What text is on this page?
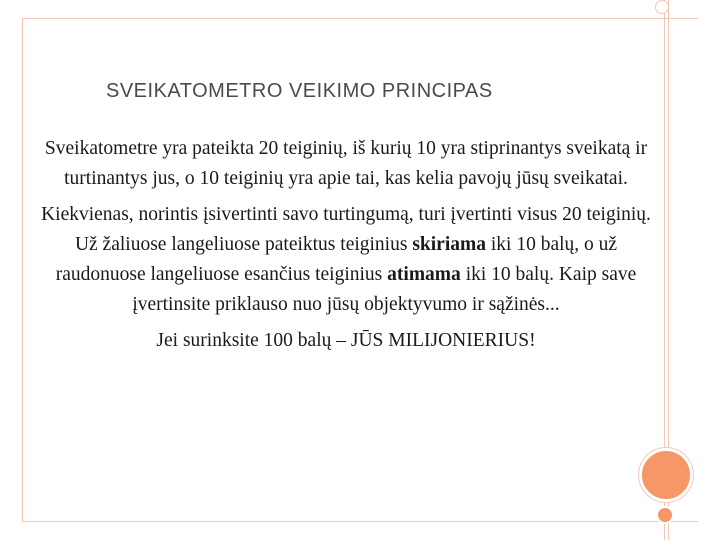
SVEIKATOMETRO VEIKIMO PRINCIPAS

Sveikatometre yra pateikta 20 teiginių, iš kurių 10 yra stiprinantys sveikatą ir turtinantys jus, o 10 teiginių yra apie tai, kas kelia pavojų jūsų sveikatai.

Kiekvienas, norintis įsivertinti savo turtingumą, turi įvertinti visus 20 teiginių. Už žaliuose langeliuose pateiktus teiginius skiriama iki 10 balų, o už raudonuose langeliuose esančius teiginius atimama iki 10 balų. Kaip save įvertinsite priklauso nuo jūsų objektyvumo ir sąžinės...

Jei surinksite 100 balų – JŪS MILIJONIERIUS!
